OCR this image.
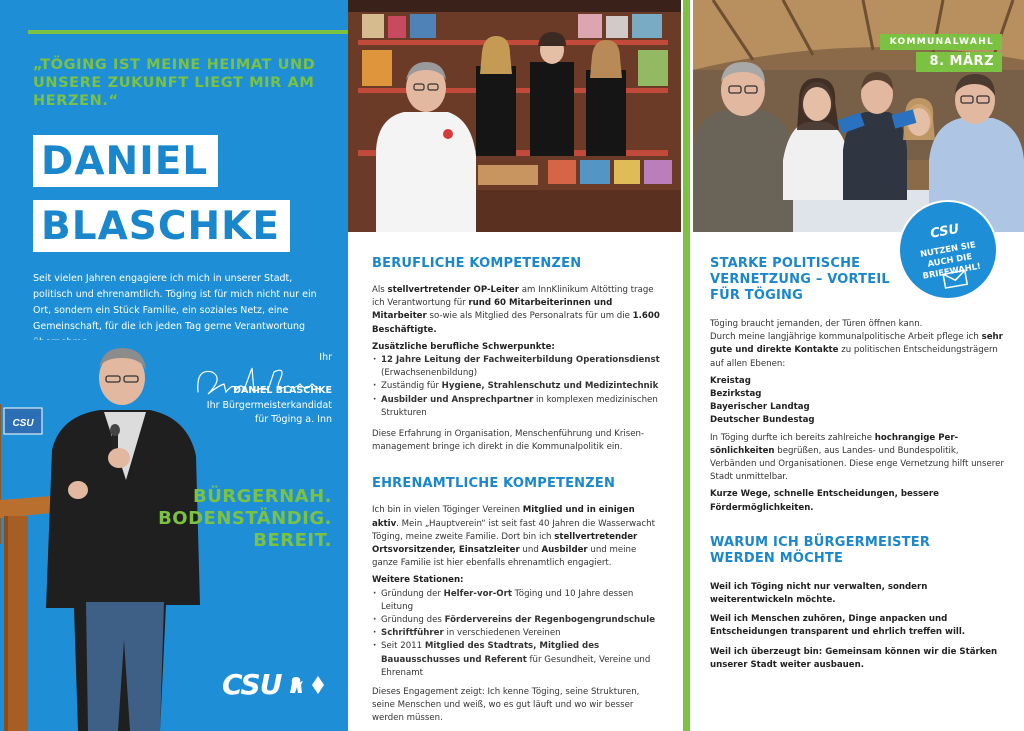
„TÖGING IST MEINE HEIMAT UND UNSERE ZUKUNFT LIEGT MIR AM HERZEN.“
DANIEL
BLASCHKE
Seit vielen Jahren engagiere ich mich in unserer Stadt, politisch und ehrenamtlich. Töging ist für mich nicht nur ein Ort, sondern ein Stück Familie, ein soziales Netz, eine Gemeinschaft, für die ich jeden Tag gerne Verantwortung
CSU
Ihr
DANIEL BLASCHKE
Ihr Bürgermeisterkandidat
für Töging a. Inn
BÜRGERNAH.
BODENSTÄNDIG.
BEREIT.
CSU
BERUFLICHE KOMPETENZEN

Als stellvertretender OP-Leiter am InnKlinikum Altötting trage ich Verantwortung für rund 60 Mitarbeiterinnen und Mitarbeiter so-wie als Mitglied des Personalrats für um die 1.600 Beschäftigte.

Zusätzliche berufliche Schwerpunkte:
· 12 Jahre Leitung der Fachweiterbildung Operationsdienst (Erwachsenenbildung)
· Zuständig für Hygiene, Strahlenschutz und Medizintechnik
· Ausbilder und Ansprechpartner in komplexen medizinischen Strukturen

Diese Erfahrung in Organisation, Menschenführung und Krisen-management bringe ich direkt in die Kommunalpolitik ein.

EHRENAMTLICHE KOMPETENZEN

Ich bin in vielen Töginger Vereinen Mitglied und in einigen aktiv. Mein „Hauptverein“ ist seit fast 40 Jahren die Wasserwacht Töging, meine zweite Familie. Dort bin ich stellvertretender Ortsvorsitzender, Einsatzleiter und Ausbilder und meine ganze Familie ist hier ebenfalls ehrenamtlich engagiert.

Weitere Stationen:
· Gründung der Helfer-vor-Ort Töging und 10 Jahre dessen Leitung
· Gründung des Fördervereins der Regenbogengrundschule
· Schriftführer in verschiedenen Vereinen
· Seit 2011 Mitglied des Stadtrats, Mitglied des Bauausschusses und Referent für Gesundheit, Vereine und Ehrenamt

Dieses Engagement zeigt: Ich kenne Töging, seine Strukturen, seine Menschen und weiß, wo es gut läuft und wo wir besser werden müssen.

KOMMUNALWAHL
8. MÄRZ
STARKE POLITISCHE VERNETZUNG – VORTEIL FÜR TÖGING

Töging braucht jemanden, der Türen öffnen kann.

Durch meine langjährige kommunalpolitische Arbeit pflege ich sehr gute und direkte Kontakte zu politischen Entscheidungsträgern auf allen Ebenen:

Kreistag
Bezirkstag
Bayerischer Landtag
Deutscher Bundestag

In Töging durfte ich bereits zahlreiche hochrangige Per-sönlichkeiten begrüßen, aus Landes- und Bundespolitik, Verbänden und Organisationen. Diese enge Vernetzung hilft unserer Stadt unmittelbar.

Kurze Wege, schnelle Entscheidungen, bessere Fördermöglichkeiten.

WARUM ICH BÜRGERMEISTER WERDEN MÖCHTE

Weil ich Töging nicht nur verwalten, sondern weiterentwickeln möchte.

Weil ich Menschen zuhören, Dinge anpacken und Entscheidungen transparent und ehrlich treffen will.

Weil ich überzeugt bin: Gemeinsam können wir die Stärken unserer Stadt weiter ausbauen.

CSU
NUTZEN SIE AUCH DIE BRIEFWAHL!
